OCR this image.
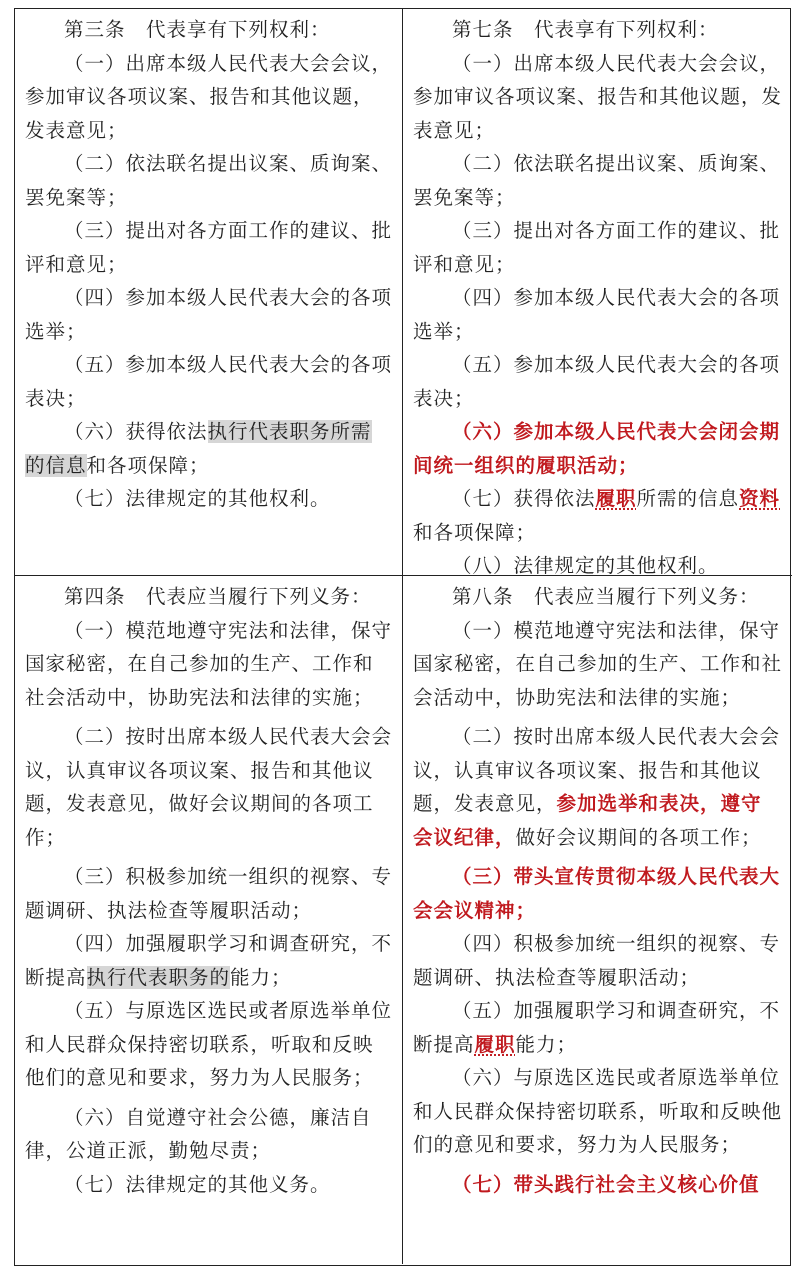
第三条　代表享有下列权利：

（一）出席本级人民代表大会会议，参加审议各项议案、报告和其他议题，发表意见；

（二）依法联名提出议案、质询案、罢免案等；

（三）提出对各方面工作的建议、批评和意见；

（四）参加本级人民代表大会的各项选举；

（五）参加本级人民代表大会的各项表决；

（六）获得依法执行代表职务所需的信息和各项保障；

（七）法律规定的其他权利。

第七条　代表享有下列权利：

（一）出席本级人民代表大会会议，参加审议各项议案、报告和其他议题，发表意见；

（二）依法联名提出议案、质询案、罢免案等；

（三）提出对各方面工作的建议、批评和意见；

（四）参加本级人民代表大会的各项选举；

（五）参加本级人民代表大会的各项表决；

（六）参加本级人民代表大会闭会期间统一组织的履职活动；

（七）获得依法履职所需的信息资料和各项保障；

（八）法律规定的其他权利。

第四条　代表应当履行下列义务：

（一）模范地遵守宪法和法律，保守国家秘密，在自己参加的生产、工作和社会活动中，协助宪法和法律的实施；

（二）按时出席本级人民代表大会会议，认真审议各项议案、报告和其他议题，发表意见，做好会议期间的各项工作；

（三）积极参加统一组织的视察、专题调研、执法检查等履职活动；

（四）加强履职学习和调查研究，不断提高执行代表职务的能力；

（五）与原选区选民或者原选举单位和人民群众保持密切联系，听取和反映他们的意见和要求，努力为人民服务；

（六）自觉遵守社会公德，廉洁自律，公道正派，勤勉尽责；

（七）法律规定的其他义务。

第八条　代表应当履行下列义务：

（一）模范地遵守宪法和法律，保守国家秘密，在自己参加的生产、工作和社会活动中，协助宪法和法律的实施；

（二）按时出席本级人民代表大会会议，认真审议各项议案、报告和其他议题，发表意见，参加选举和表决，遵守会议纪律，做好会议期间的各项工作；

（三）带头宣传贯彻本级人民代表大会会议精神；

（四）积极参加统一组织的视察、专题调研、执法检查等履职活动；

（五）加强履职学习和调查研究，不断提高履职能力；

（六）与原选区选民或者原选举单位和人民群众保持密切联系，听取和反映他们的意见和要求，努力为人民服务；

（七）带头践行社会主义核心价值
